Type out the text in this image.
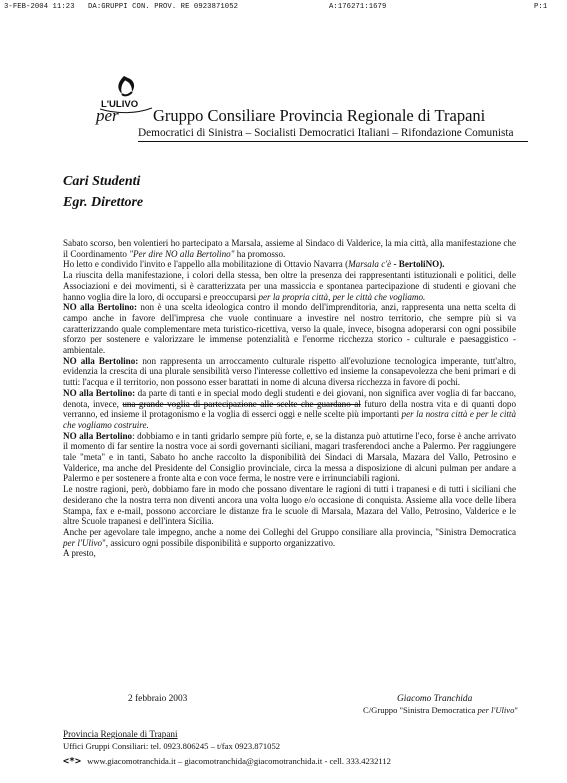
3-FEB-2004 11:23 DA:GRUPPI CON. PROV. RE 0923871052	A:176271:1679	P:1
L'ULIVO
per Gruppo Consiliare Provincia Regionale di Trapani
Democratici di Sinistra – Socialisti Democratici Italiani – Rifondazione Comunista
Cari Studenti
Egr. Direttore

Sabato scorso, ben volentieri ho partecipato a Marsala, assieme al Sindaco di Valderice, la mia città, alla manifestazione che il Coordinamento "Per dire NO alla Bertolino" ha promosso.

Ho letto e condivido l'invito e l'appello alla mobilitazione di Ottavio Navarra (Marsala c'è - BertoliNO).

La riuscita della manifestazione, i colori della stessa, ben oltre la presenza dei rappresentanti istituzionali e politici, delle Associazioni e dei movimenti, si è caratterizzata per una massiccia e spontanea partecipazione di studenti e giovani che hanno voglia dire la loro, di occuparsi e preoccuparsi per la propria città, per le città che vogliamo.

NO alla Bertolino: non è una scelta ideologica contro il mondo dell'imprenditoria, anzi, rappresenta una netta scelta di campo anche in favore dell'impresa che vuole continuare a investire nel nostro territorio, che sempre più si va caratterizzando quale complementare meta turistico-ricettiva, verso la quale, invece, bisogna adoperarsi con ogni possibile sforzo per sostenere e valorizzare le immense potenzialità e l'enorme ricchezza storico - culturale e paesaggistico - ambientale.

NO alla Bertolino: non rappresenta un arroccamento culturale rispetto all'evoluzione tecnologica imperante, tutt'altro, evidenzia la crescita di una plurale sensibilità verso l'interesse collettivo ed insieme la consapevolezza che beni primari e di tutti: l'acqua e il territorio, non possono esser barattati in nome di alcuna diversa ricchezza in favore di pochi.

NO alla Bertolino: da parte di tanti e in special modo degli studenti e dei giovani, non significa aver voglia di far baccano, denota, invece, una grande voglia di partecipazione alle scelte che guardano al futuro della nostra vita e di quanti dopo verranno, ed insieme il protagonismo e la voglia di esserci oggi e nelle scelte più importanti per la nostra città e per le città che vogliamo costruire.

NO alla Bertolino: dobbiamo e in tanti gridarlo sempre più forte, e, se la distanza può attutirne l'eco, forse è anche arrivato il momento di far sentire la nostra voce ai sordi governanti siciliani, magari trasferendoci anche a Palermo. Per raggiungere tale "meta" e in tanti, Sabato ho anche raccolto la disponibilità dei Sindaci di Marsala, Mazara del Vallo, Petrosino e Valderice, ma anche del Presidente del Consiglio provinciale, circa la messa a disposizione di alcuni pulman per andare a Palermo e per sostenere a fronte alta e con voce ferma, le nostre vere e irrinunciabili ragioni.

Le nostre ragioni, però, dobbiamo fare in modo che possano diventare le ragioni di tutti i trapanesi e di tutti i siciliani che desiderano che la nostra terra non diventi ancora una volta luogo e/o occasione di conquista. Assieme alla voce delle libera Stampa, fax e e-mail, possono accorciare le distanze fra le scuole di Marsala, Mazara del Vallo, Petrosino, Valderice e le altre Scuole trapanesi e dell'intera Sicilia.

Anche per agevolare tale impegno, anche a nome dei Colleghi del Gruppo consiliare alla provincia, "Sinistra Democratica per l'Ulivo", assicuro ogni possibile disponibilità e supporto organizzativo.

A presto,

2 febbraio 2003	Giacomo Tranchida
C/Gruppo "Sinistra Democratica per l'Ulivo"
Provincia Regionale di Trapani
Uffici Gruppi Consiliari: tel. 0923.806245 – t/fax 0923.871052
<*> www.giacomotranchida.it – giacomotranchida@giacomotranchida.it - cell. 333.4232112
